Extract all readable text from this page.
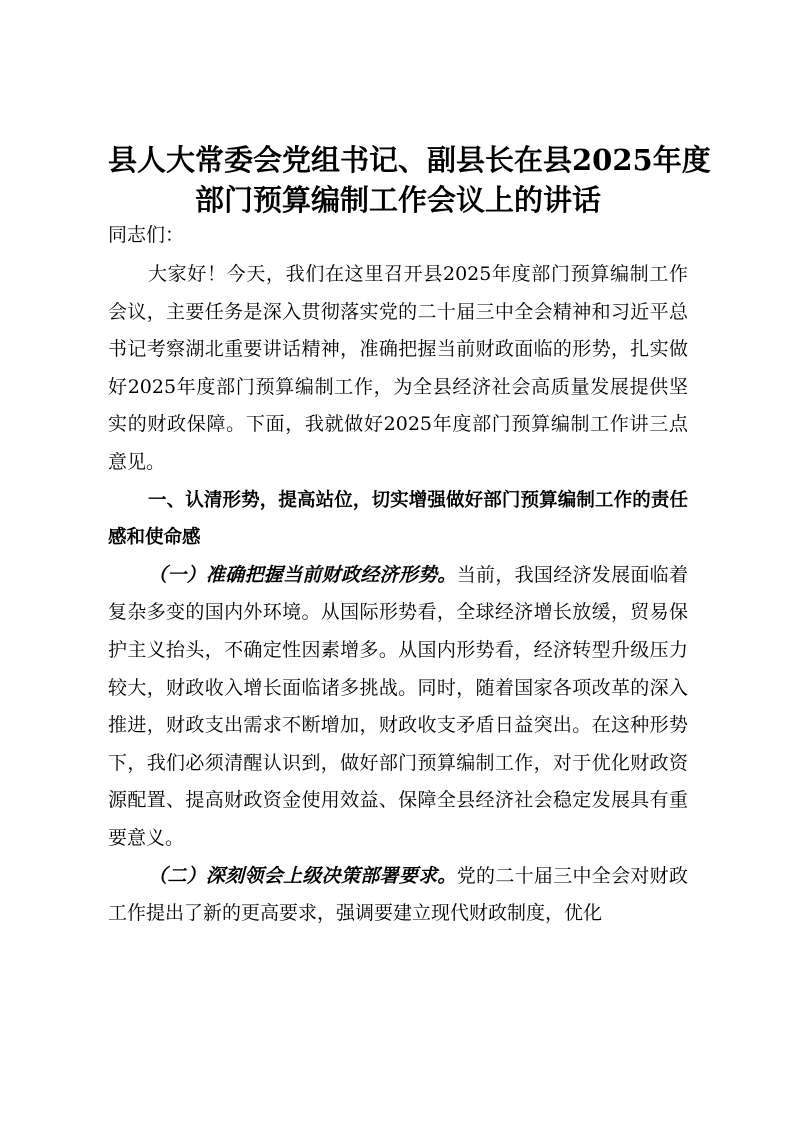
县人大常委会党组书记、副县长在县2025年度
部门预算编制工作会议上的讲话

同志们：

大家好！今天，我们在这里召开县2025年度部门预算编制工作会议，主要任务是深入贯彻落实党的二十届三中全会精神和习近平总书记考察湖北重要讲话精神，准确把握当前财政面临的形势，扎实做好2025年度部门预算编制工作，为全县经济社会高质量发展提供坚实的财政保障。下面，我就做好2025年度部门预算编制工作讲三点意见。

一、认清形势，提高站位，切实增强做好部门预算编制工作的责任感和使命感

（一）准确把握当前财政经济形势。当前，我国经济发展面临着复杂多变的国内外环境。从国际形势看，全球经济增长放缓，贸易保护主义抬头，不确定性因素增多。从国内形势看，经济转型升级压力较大，财政收入增长面临诸多挑战。同时，随着国家各项改革的深入推进，财政支出需求不断增加，财政收支矛盾日益突出。在这种形势下，我们必须清醒认识到，做好部门预算编制工作，对于优化财政资源配置、提高财政资金使用效益、保障全县经济社会稳定发展具有重要意义。

（二）深刻领会上级决策部署要求。党的二十届三中全会对财政工作提出了新的更高要求，强调要建立现代财政制度，优化
